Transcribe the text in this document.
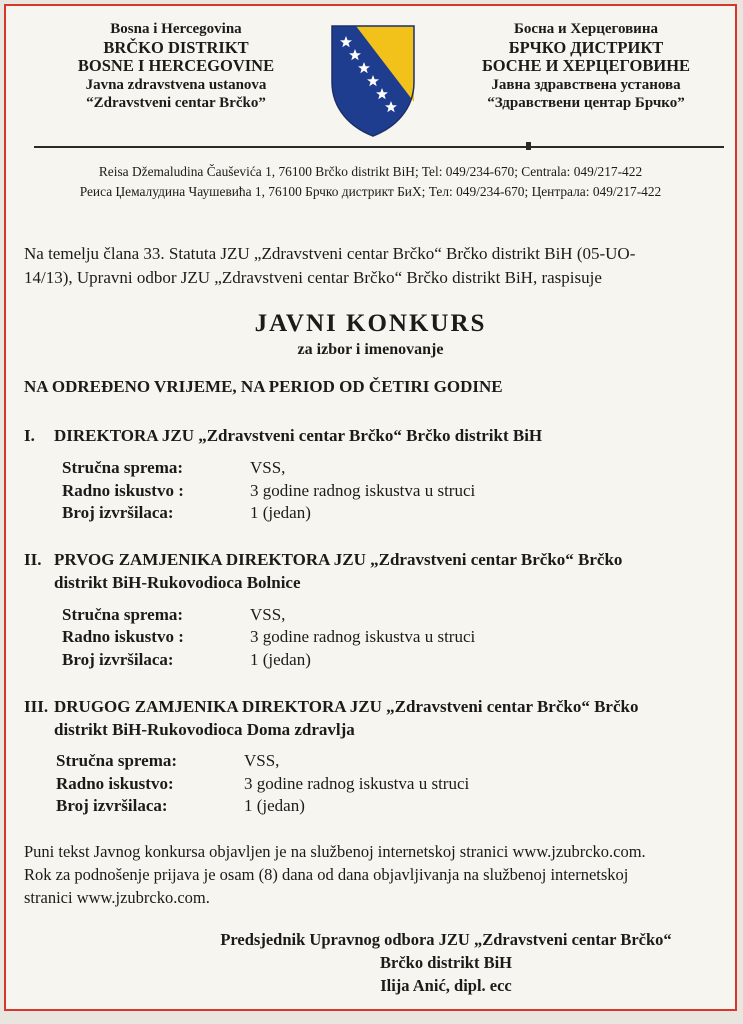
Bosna i Hercegovina
BRČKO DISTRIKT
BOSNE I HERCEGOVINE
Javna zdravstvena ustanova
“Zdravstveni centar Brčko”
Босна и Херцеговина
БРЧКО ДИСТРИКТ
БОСНЕ И ХЕРЦЕГОВИНЕ
Јавна здравствена установа
“Здравствени центар Брчко”
Reisa Džemaludina Čauševića 1, 76100 Brčko distrikt BiH; Tel: 049/234-670; Centrala: 049/217-422
Реиса Џемалудина Чаушевића 1, 76100 Брчко дистрикт БиХ; Тел: 049/234-670; Централа: 049/217-422
Na temelju člana 33. Statuta JZU „Zdravstveni centar Brčko“ Brčko distrikt BiH (05-UO-
14/13), Upravni odbor JZU „Zdravstveni centar Brčko“ Brčko distrikt BiH, raspisuje
JAVNI KONKURS
za izbor i imenovanje
NA ODREĐENO VRIJEME, NA PERIOD OD ČETIRI GODINE
I. DIREKTORA JZU „Zdravstveni centar Brčko“ Brčko distrikt BiH
Stručna sprema:	VSS,
Radno iskustvo :	3 godine radnog iskustva u struci
Broj izvršilaca:	1 (jedan)
II. PRVOG ZAMJENIKA DIREKTORA JZU „Zdravstveni centar Brčko“ Brčko
distrikt BiH-Rukovodioca Bolnice
Stručna sprema:	VSS,
Radno iskustvo :	3 godine radnog iskustva u struci
Broj izvršilaca:	1 (jedan)
III. DRUGOG ZAMJENIKA DIREKTORA JZU „Zdravstveni centar Brčko“ Brčko
distrikt BiH-Rukovodioca Doma zdravlja
Stručna sprema:	VSS,
Radno iskustvo:	3 godine radnog iskustva u struci
Broj izvršilaca:	1 (jedan)
Puni tekst Javnog konkursa objavljen je na službenoj internetskoj stranici www.jzubrcko.com.
Rok za podnošenje prijava je osam (8) dana od dana objavljivanja na službenoj internetskoj
stranici www.jzubrcko.com.
Predsjednik Upravnog odbora JZU „Zdravstveni centar Brčko“
Brčko distrikt BiH
Ilija Anić, dipl. ecc
